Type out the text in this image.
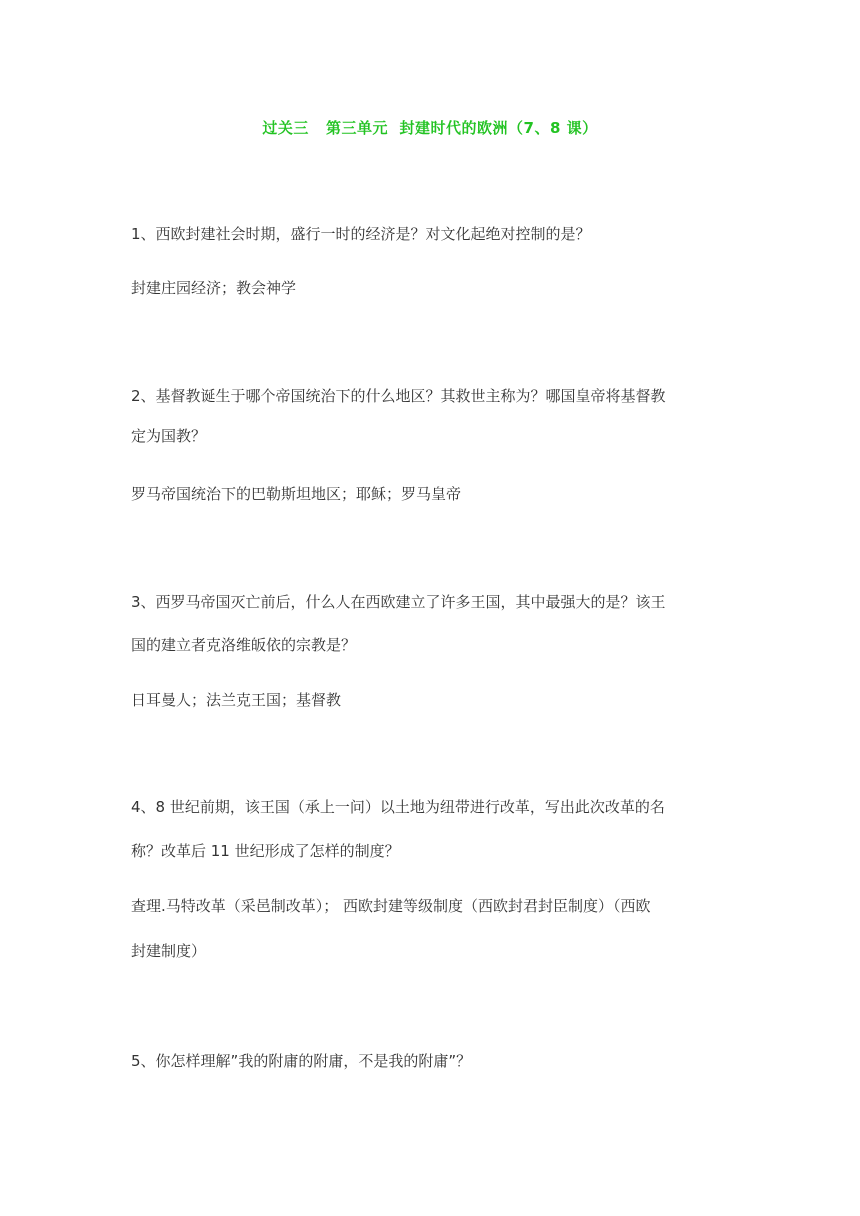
过关三   第三单元  封建时代的欧洲（7、8 课）
1、西欧封建社会时期，盛行一时的经济是？对文化起绝对控制的是？
封建庄园经济；教会神学
2、基督教诞生于哪个帝国统治下的什么地区？其救世主称为？哪国皇帝将基督教
定为国教？
罗马帝国统治下的巴勒斯坦地区；耶稣；罗马皇帝
3、西罗马帝国灭亡前后，什么人在西欧建立了许多王国，其中最强大的是？该王
国的建立者克洛维皈依的宗教是？
日耳曼人；法兰克王国；基督教
4、8 世纪前期，该王国（承上一问）以土地为纽带进行改革，写出此次改革的名
称？改革后 11 世纪形成了怎样的制度？
查理.马特改革（采邑制改革）； 西欧封建等级制度（西欧封君封臣制度）（西欧
封建制度）
5、你怎样理解”我的附庸的附庸，不是我的附庸”？
